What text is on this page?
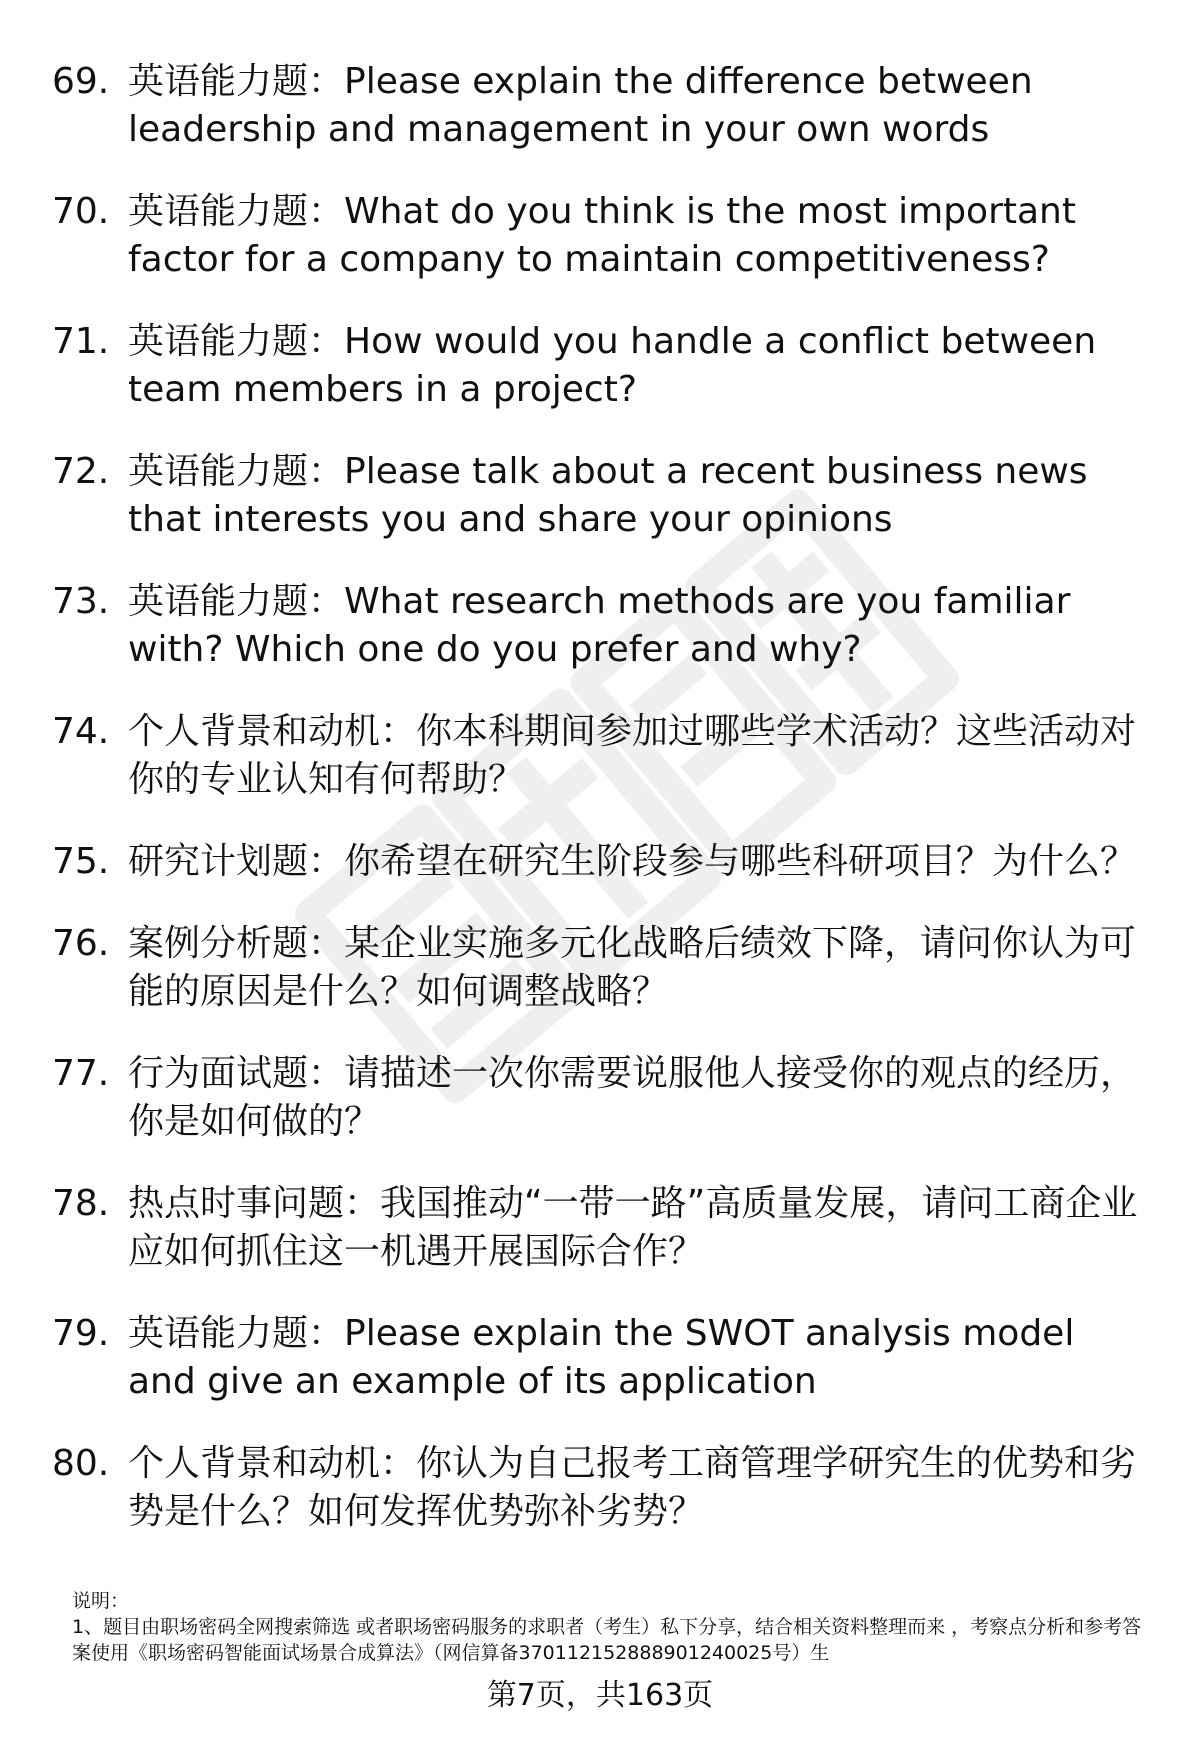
69. 英语能力题：Please explain the difference between leadership and management in your own words
70. 英语能力题：What do you think is the most important factor for a company to maintain competitiveness?
71. 英语能力题：How would you handle a conflict between team members in a project?
72. 英语能力题：Please talk about a recent business news that interests you and share your opinions
73. 英语能力题：What research methods are you familiar with? Which one do you prefer and why?
74. 个人背景和动机：你本科期间参加过哪些学术活动？这些活动对你的专业认知有何帮助？
75. 研究计划题：你希望在研究生阶段参与哪些科研项目？为什么？
76. 案例分析题：某企业实施多元化战略后绩效下降，请问你认为可能的原因是什么？如何调整战略？
77. 行为面试题：请描述一次你需要说服他人接受你的观点的经历，你是如何做的？
78. 热点时事问题：我国推动“一带一路”高质量发展，请问工商企业应如何抓住这一机遇开展国际合作？
79. 英语能力题：Please explain the SWOT analysis model and give an example of its application
80. 个人背景和动机：你认为自己报考工商管理学研究生的优势和劣势是什么？如何发挥优势弥补劣势？

说明：

1、题目由职场密码全网搜索筛选 或者职场密码服务的求职者（考生）私下分享，结合相关资料整理而来 ，考察点分析和参考答案使用《职场密码智能面试场景合成算法》（网信算备370112152888901240025号）生

第7页，共163页
